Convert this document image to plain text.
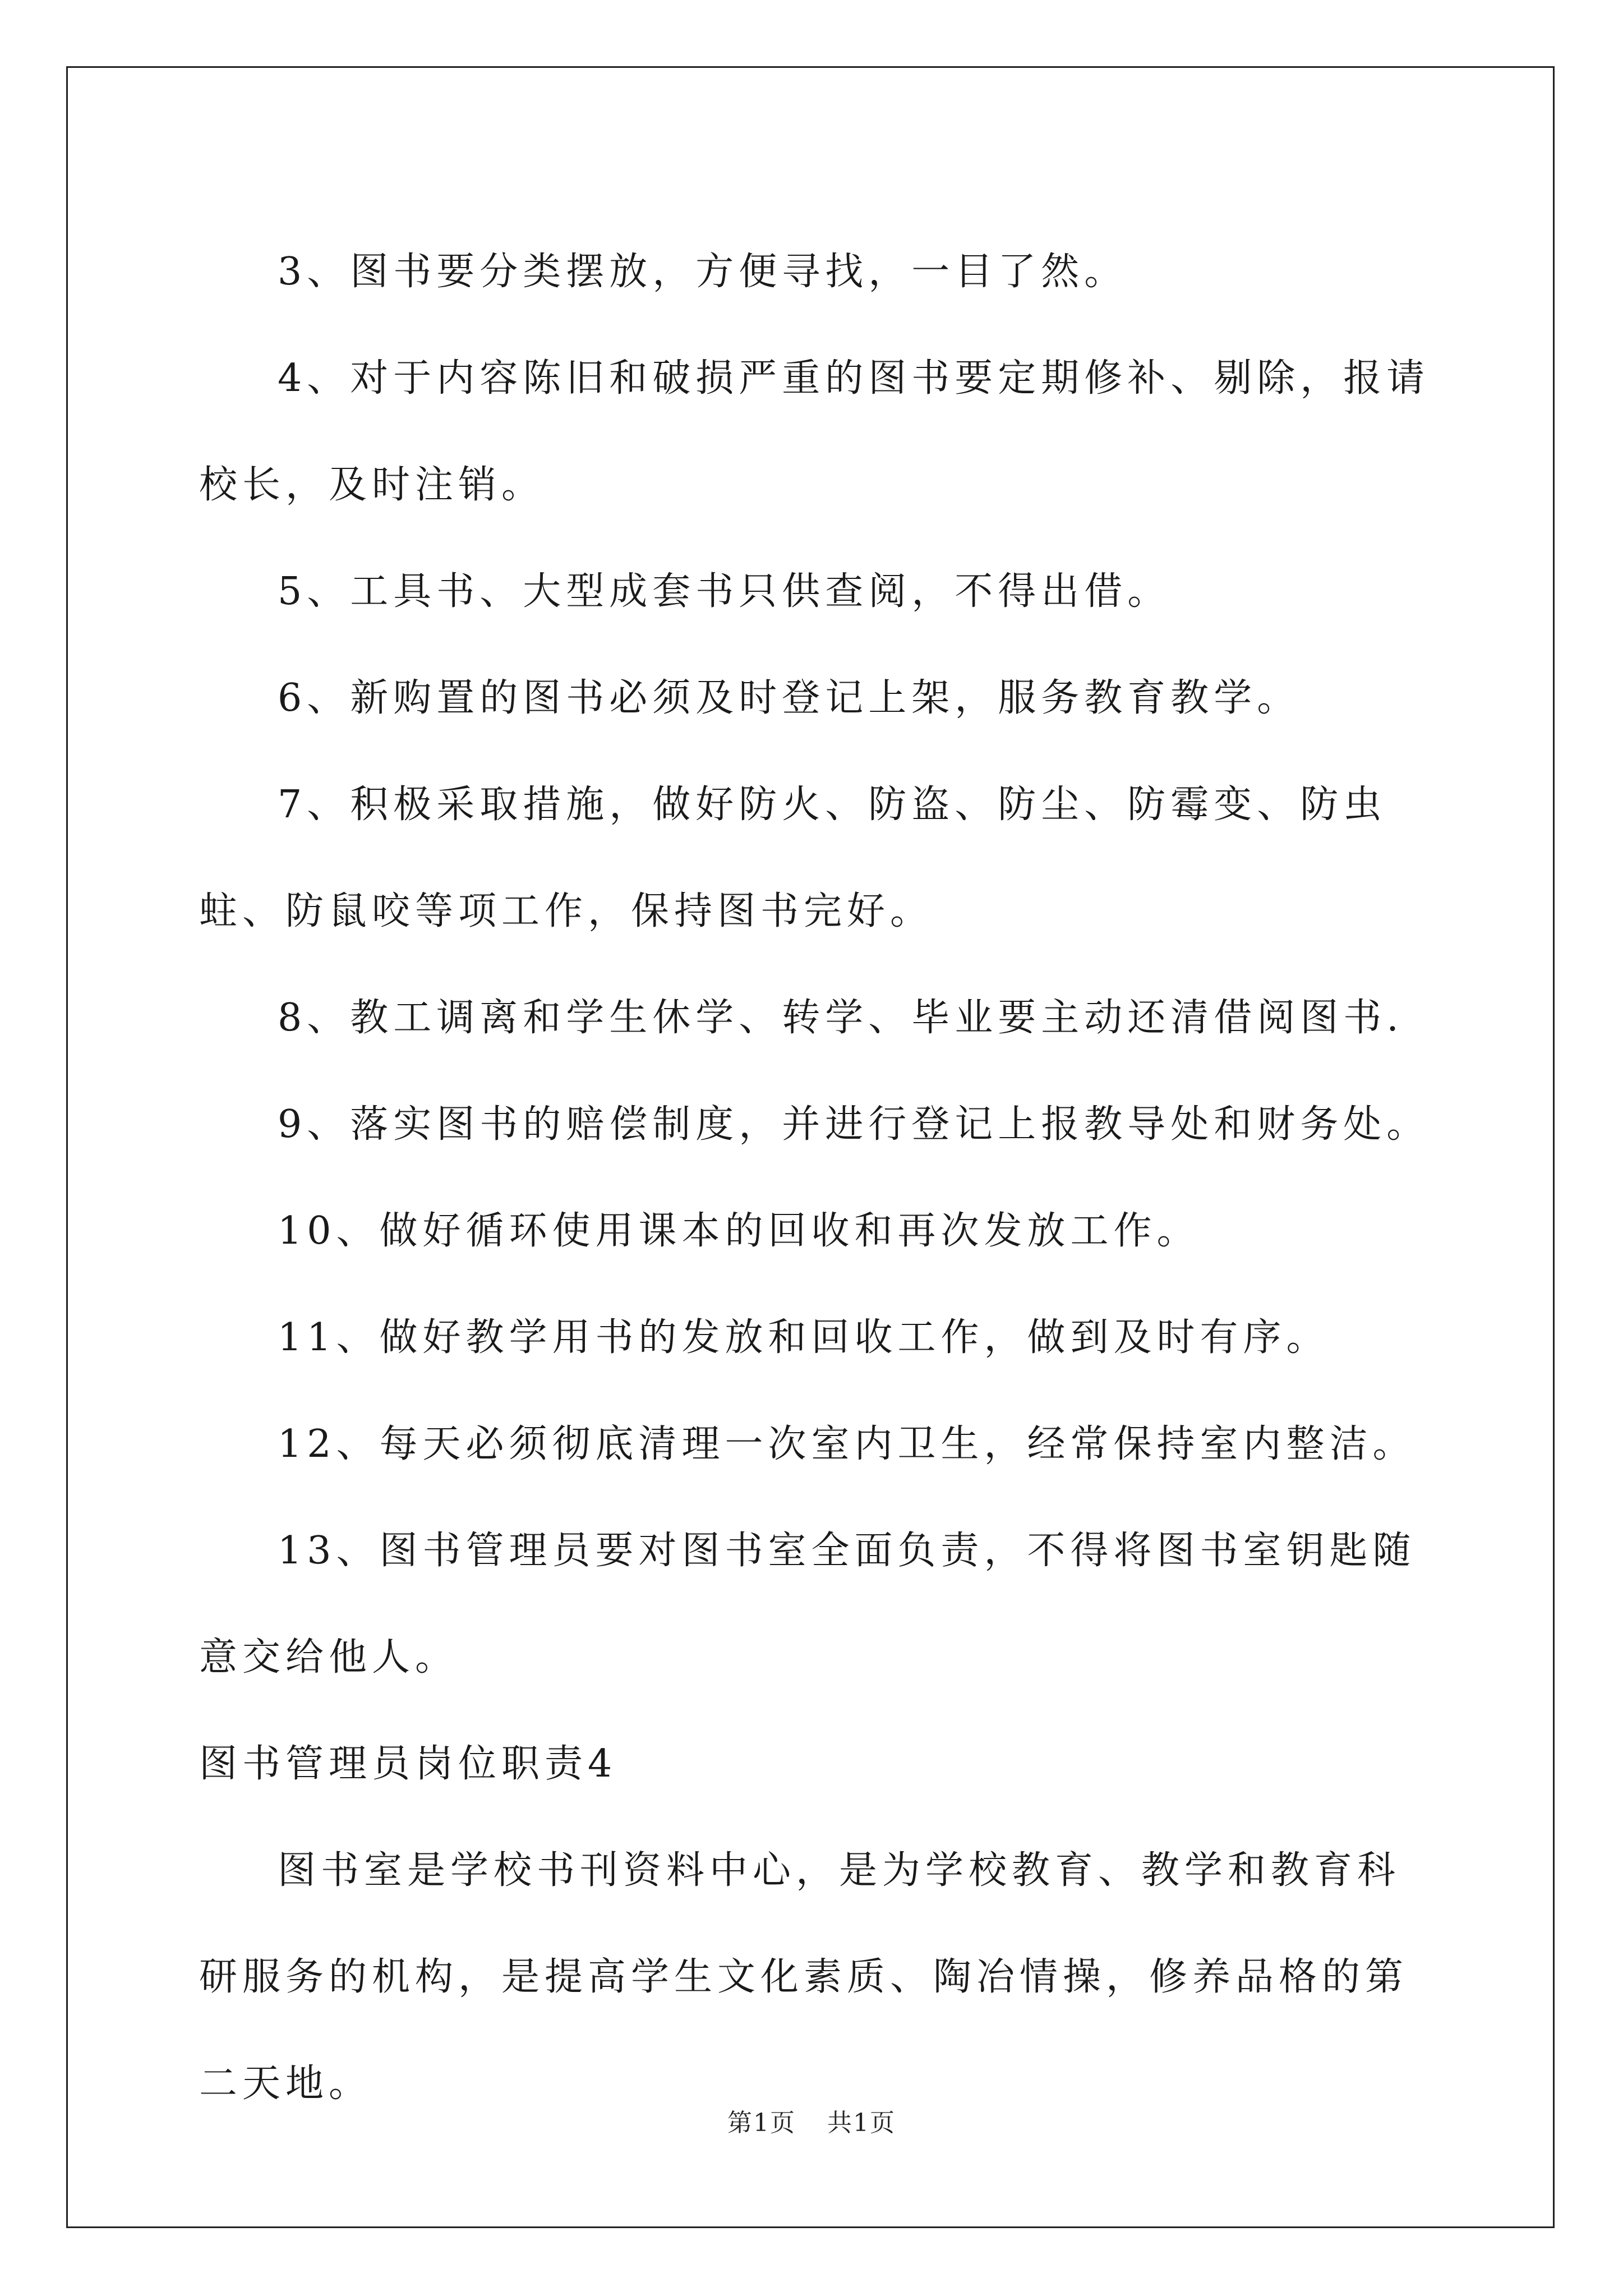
3、图书要分类摆放，方便寻找，一目了然。

4、对于内容陈旧和破损严重的图书要定期修补、剔除，报请校长，及时注销。

5、工具书、大型成套书只供查阅，不得出借。

6、新购置的图书必须及时登记上架，服务教育教学。

7、积极采取措施，做好防火、防盗、防尘、防霉变、防虫蛀、防鼠咬等项工作，保持图书完好。

8、教工调离和学生休学、转学、毕业要主动还清借阅图书.

9、落实图书的赔偿制度，并进行登记上报教导处和财务处。

10、做好循环使用课本的回收和再次发放工作。

11、做好教学用书的发放和回收工作，做到及时有序。

12、每天必须彻底清理一次室内卫生，经常保持室内整洁。

13、图书管理员要对图书室全面负责，不得将图书室钥匙随意交给他人。

图书管理员岗位职责4

图书室是学校书刊资料中心，是为学校教育、教学和教育科研服务的机构，是提高学生文化素质、陶冶情操，修养品格的第二天地。

第1页 共1页
